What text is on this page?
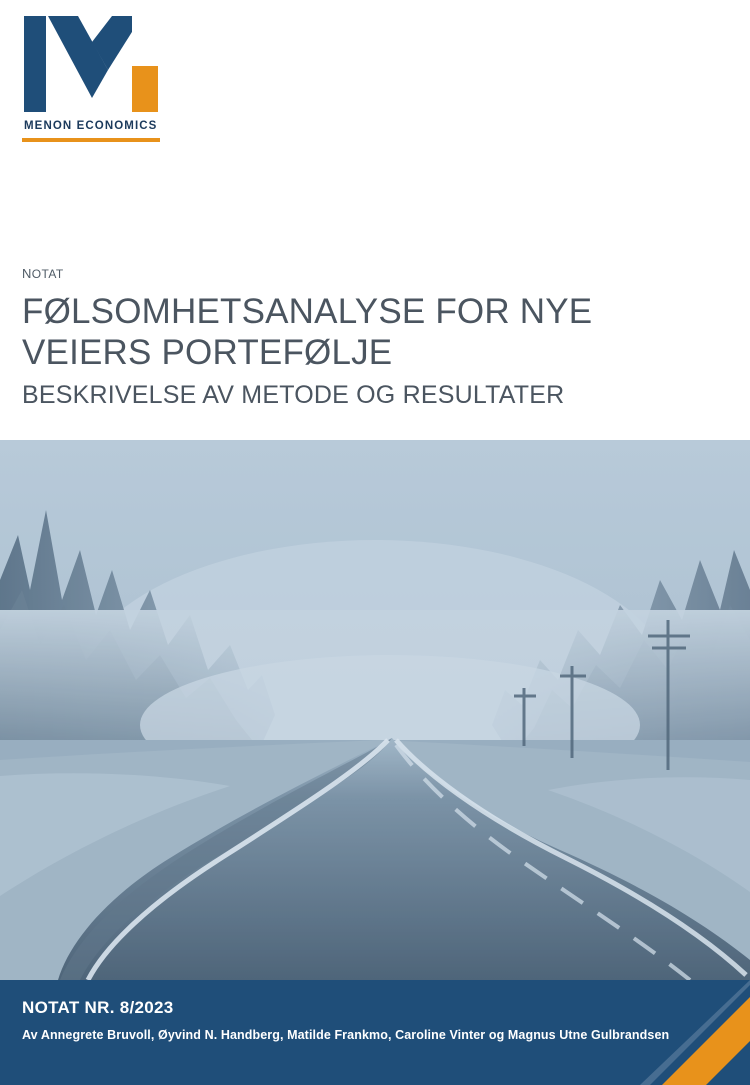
MENON ECONOMICS

notat

FØLSOMHETSANALYSE FOR NYE VEIERS PORTEFØLJE
BESKRIVELSE AV METODE OG RESULTATER

NOTAT NR. 8/2023

Av Annegrete Bruvoll, Øyvind N. Handberg, Matilde Frankmo, Caroline Vinter og Magnus Utne Gulbrandsen
